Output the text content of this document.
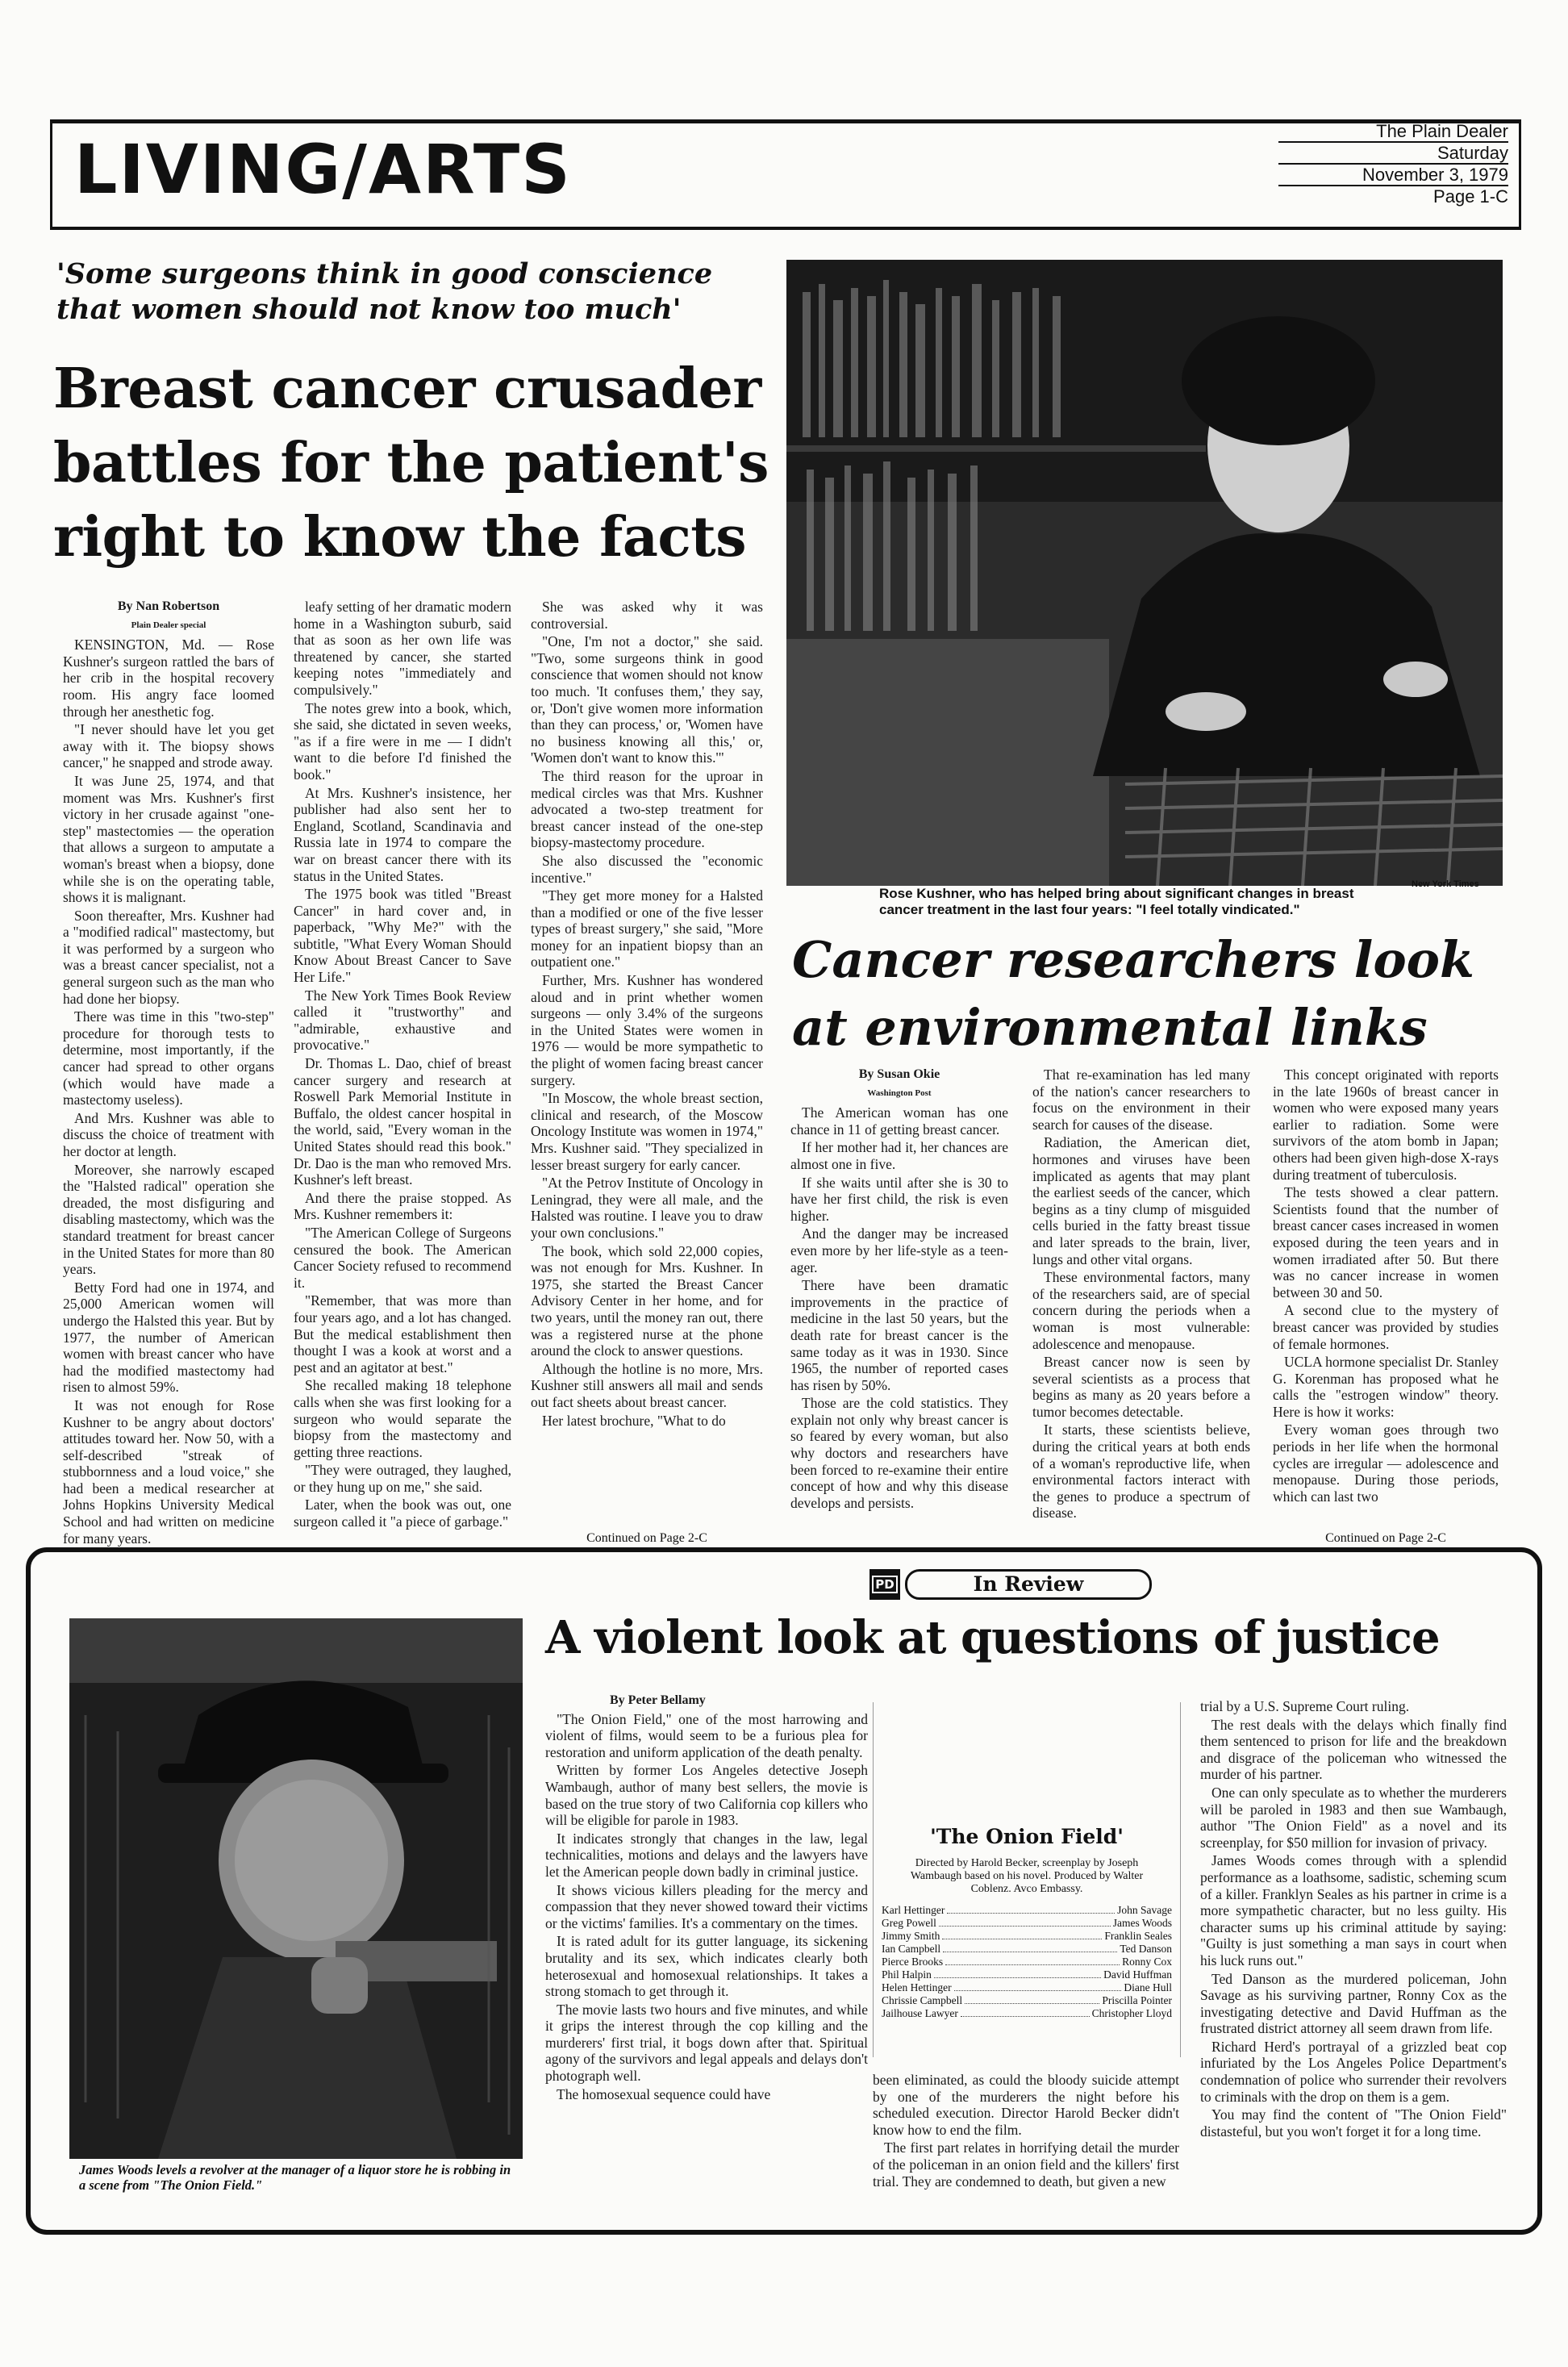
LIVING/ARTS	The Plain Dealer
Saturday
November 3, 1979
Page 1-C
'Some surgeons think in good conscience that women should not know too much'
Breast cancer crusader
battles for the patient's
right to know the facts

By Nan Robertson

Plain Dealer special

KENSINGTON, Md. — Rose Kushner's surgeon rattled the bars of her crib in the hospital recovery room. His angry face loomed through her anesthetic fog.

"I never should have let you get away with it. The biopsy shows cancer," he snapped and strode away.

It was June 25, 1974, and that moment was Mrs. Kushner's first victory in her crusade against "one-step" mastectomies — the operation that allows a surgeon to amputate a woman's breast when a biopsy, done while she is on the operating table, shows it is malignant.

Soon thereafter, Mrs. Kushner had a "modified radical" mastectomy, but it was performed by a surgeon who was a breast cancer specialist, not a general surgeon such as the man who had done her biopsy.

There was time in this "two-step" procedure for thorough tests to determine, most importantly, if the cancer had spread to other organs (which would have made a mastectomy useless).

And Mrs. Kushner was able to discuss the choice of treatment with her doctor at length.

Moreover, she narrowly escaped the "Halsted radical" operation she dreaded, the most disfiguring and disabling mastectomy, which was the standard treatment for breast cancer in the United States for more than 80 years.

Betty Ford had one in 1974, and 25,000 American women will undergo the Halsted this year. But by 1977, the number of American women with breast cancer who have had the modified mastectomy had risen to almost 59%.

It was not enough for Rose Kushner to be angry about doctors' attitudes toward her. Now 50, with a self-described "streak of stubbornness and a loud voice," she had been a medical researcher at Johns Hopkins University Medical School and had written on medicine for many years.

leafy setting of her dramatic modern home in a Washington suburb, said that as soon as her own life was threatened by cancer, she started keeping notes "immediately and compulsively."

The notes grew into a book, which, she said, she dictated in seven weeks, "as if a fire were in me — I didn't want to die before I'd finished the book."

At Mrs. Kushner's insistence, her publisher had also sent her to England, Scotland, Scandinavia and Russia late in 1974 to compare the war on breast cancer there with its status in the United States.

The 1975 book was titled "Breast Cancer" in hard cover and, in paperback, "Why Me?" with the subtitle, "What Every Woman Should Know About Breast Cancer to Save Her Life."

The New York Times Book Review called it "trustworthy" and "admirable, exhaustive and provocative."

Dr. Thomas L. Dao, chief of breast cancer surgery and research at Roswell Park Memorial Institute in Buffalo, the oldest cancer hospital in the world, said, "Every woman in the United States should read this book." Dr. Dao is the man who removed Mrs. Kushner's left breast.

And there the praise stopped. As Mrs. Kushner remembers it:

"The American College of Surgeons censured the book. The American Cancer Society refused to recommend it.

"Remember, that was more than four years ago, and a lot has changed. But the medical establishment then thought I was a kook at worst and a pest and an agitator at best."

She recalled making 18 telephone calls when she was first looking for a surgeon who would separate the biopsy from the mastectomy and getting three reactions.

"They were outraged, they laughed, or they hung up on me," she said.

Later, when the book was out, one surgeon called it "a piece of garbage."

She was asked why it was controversial.

"One, I'm not a doctor," she said. "Two, some surgeons think in good conscience that women should not know too much. 'It confuses them,' they say, or, 'Don't give women more information than they can process,' or, 'Women have no business knowing all this,' or, 'Women don't want to know this.'"

The third reason for the uproar in medical circles was that Mrs. Kushner advocated a two-step treatment for breast cancer instead of the one-step biopsy-mastectomy procedure.

She also discussed the "economic incentive."

"They get more money for a Halsted than a modified or one of the five lesser types of breast surgery," she said, "More money for an inpatient biopsy than an outpatient one."

Further, Mrs. Kushner has wondered aloud and in print whether women surgeons — only 3.4% of the surgeons in the United States were women in 1976 — would be more sympathetic to the plight of women facing breast cancer surgery.

"In Moscow, the whole breast section, clinical and research, of the Moscow Oncology Institute was women in 1974," Mrs. Kushner said. "They specialized in lesser breast surgery for early cancer.

"At the Petrov Institute of Oncology in Leningrad, they were all male, and the Halsted was routine. I leave you to draw your own conclusions."

The book, which sold 22,000 copies, was not enough for Mrs. Kushner. In 1975, she started the Breast Cancer Advisory Center in her home, and for two years, until the money ran out, there was a registered nurse at the phone around the clock to answer questions.

Although the hotline is no more, Mrs. Kushner still answers all mail and sends out fact sheets about breast cancer.

Her latest brochure, "What to do

Continued on Page 2-C
Rose Kushner, who has helped bring about significant changes in breast cancer treatment in the last four years: "I feel totally vindicated."
New York Times
Cancer researchers look
at environmental links

By Susan Okie

Washington Post

The American woman has one chance in 11 of getting breast cancer.

If her mother had it, her chances are almost one in five.

If she waits until after she is 30 to have her first child, the risk is even higher.

And the danger may be increased even more by her life-style as a teen-ager.

There have been dramatic improvements in the practice of medicine in the last 50 years, but the death rate for breast cancer is the same today as it was in 1930. Since 1965, the number of reported cases has risen by 50%.

Those are the cold statistics. They explain not only why breast cancer is so feared by every woman, but also why doctors and researchers have been forced to re-examine their entire concept of how and why this disease develops and persists.

That re-examination has led many of the nation's cancer researchers to focus on the environment in their search for causes of the disease.

Radiation, the American diet, hormones and viruses have been implicated as agents that may plant the earliest seeds of the cancer, which begins as a tiny clump of misguided cells buried in the fatty breast tissue and later spreads to the brain, liver, lungs and other vital organs.

These environmental factors, many of the researchers said, are of special concern during the periods when a woman is most vulnerable: adolescence and menopause.

Breast cancer now is seen by several scientists as a process that begins as many as 20 years before a tumor becomes detectable.

It starts, these scientists believe, during the critical years at both ends of a woman's reproductive life, when environmental factors interact with the genes to produce a spectrum of disease.

This concept originated with reports in the late 1960s of breast cancer in women who were exposed many years earlier to radiation. Some were survivors of the atom bomb in Japan; others had been given high-dose X-rays during treatment of tuberculosis.

The tests showed a clear pattern. Scientists found that the number of breast cancer cases increased in women exposed during the teen years and in women irradiated after 50. But there was no cancer increase in women between 30 and 50.

A second clue to the mystery of breast cancer was provided by studies of female hormones.

UCLA hormone specialist Dr. Stanley G. Korenman has proposed what he calls the "estrogen window" theory. Here is how it works:

Every woman goes through two periods in her life when the hormonal cycles are irregular — adolescence and menopause. During those periods, which can last two

Continued on Page 2-C
PD	In Review
A violent look at questions of justice
James Woods levels a revolver at the manager of a liquor store he is robbing in a scene from "The Onion Field."

By Peter Bellamy

"The Onion Field," one of the most harrowing and violent of films, would seem to be a furious plea for restoration and uniform application of the death penalty.

Written by former Los Angeles detective Joseph Wambaugh, author of many best sellers, the movie is based on the true story of two California cop killers who will be eligible for parole in 1983.

It indicates strongly that changes in the law, legal technicalities, motions and delays and the lawyers have let the American people down badly in criminal justice.

It shows vicious killers pleading for the mercy and compassion that they never showed toward their victims or the victims' families. It's a commentary on the times.

It is rated adult for its gutter language, its sickening brutality and its sex, which indicates clearly both heterosexual and homosexual relationships. It takes a strong stomach to get through it.

The movie lasts two hours and five minutes, and while it grips the interest through the cop killing and the murderers' first trial, it bogs down after that. Spiritual agony of the survivors and legal appeals and delays don't photograph well.

The homosexual sequence could have

'The Onion Field'
Directed by Harold Becker, screenplay by Joseph Wambaugh based on his novel. Produced by Walter Coblenz. Avco Embassy.
Karl Hettinger	John Savage
Greg Powell	James Woods
Jimmy Smith	Franklin Seales
Ian Campbell	Ted Danson
Pierce Brooks	Ronny Cox
Phil Halpin	David Huffman
Helen Hettinger	Diane Hull
Chrissie Campbell	Priscilla Pointer
Jailhouse Lawyer	Christopher Lloyd

been eliminated, as could the bloody suicide attempt by one of the murderers the night before his scheduled execution. Director Harold Becker didn't know how to end the film.

The first part relates in horrifying detail the murder of the policeman in an onion field and the killers' first trial. They are condemned to death, but given a new

trial by a U.S. Supreme Court ruling.

The rest deals with the delays which finally find them sentenced to prison for life and the breakdown and disgrace of the policeman who witnessed the murder of his partner.

One can only speculate as to whether the murderers will be paroled in 1983 and then sue Wambaugh, author "The Onion Field" as a novel and its screenplay, for $50 million for invasion of privacy.

James Woods comes through with a splendid performance as a loathsome, sadistic, scheming scum of a killer. Franklyn Seales as his partner in crime is a more sympathetic character, but no less guilty. His character sums up his criminal attitude by saying: "Guilty is just something a man says in court when his luck runs out."

Ted Danson as the murdered policeman, John Savage as his surviving partner, Ronny Cox as the investigating detective and David Huffman as the frustrated district attorney all seem drawn from life.

Richard Herd's portrayal of a grizzled beat cop infuriated by the Los Angeles Police Department's condemnation of police who surrender their revolvers to criminals with the drop on them is a gem.

You may find the content of "The Onion Field" distasteful, but you won't forget it for a long time.
